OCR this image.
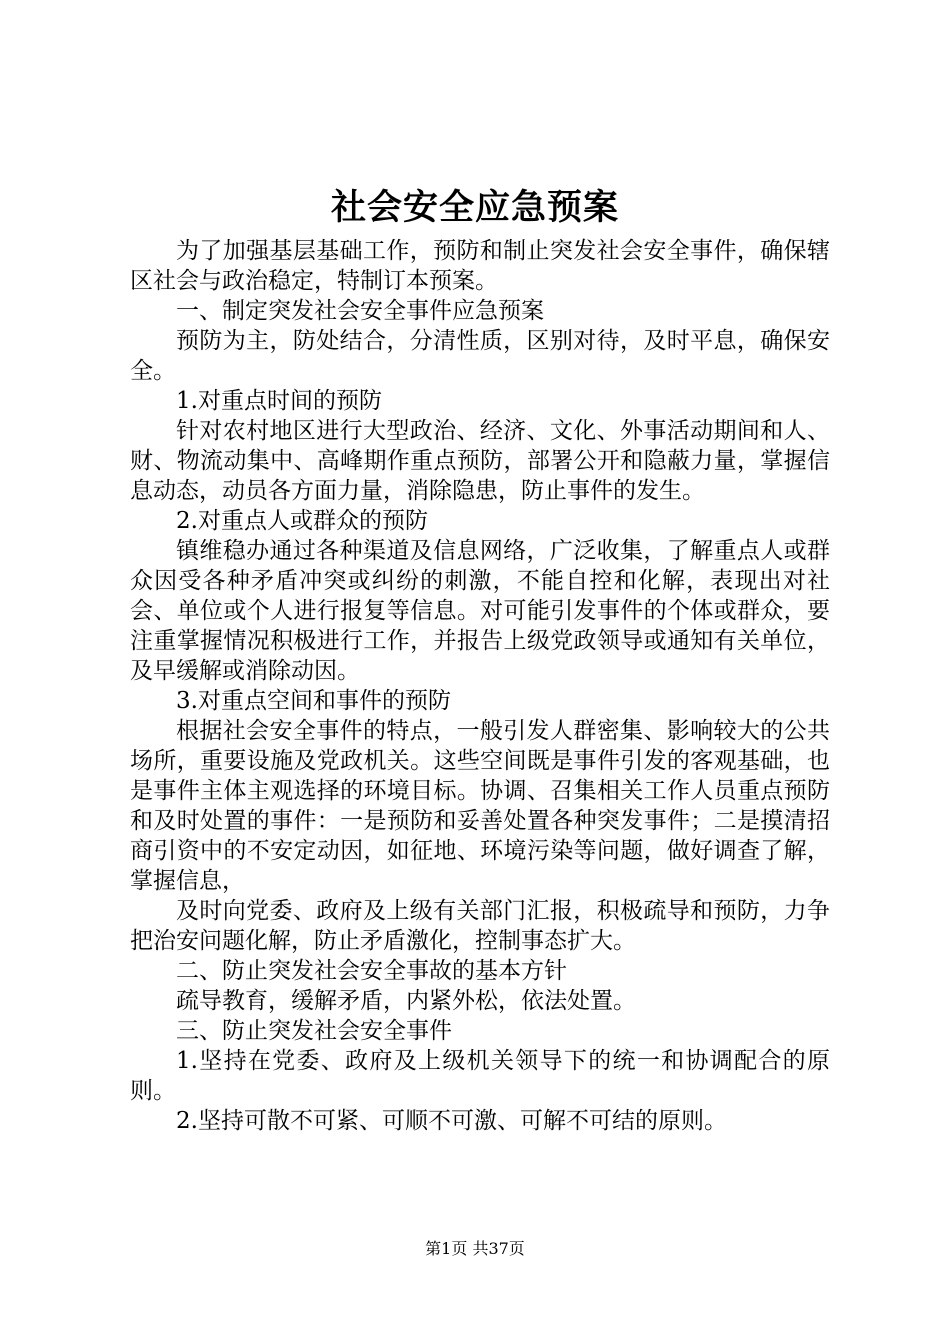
社会安全应急预案

为了加强基层基础工作，预防和制止突发社会安全事件，确保辖区社会与政治稳定，特制订本预案。

一、制定突发社会安全事件应急预案

预防为主，防处结合，分清性质，区别对待，及时平息，确保安全。

1.对重点时间的预防

针对农村地区进行大型政治、经济、文化、外事活动期间和人、财、物流动集中、高峰期作重点预防，部署公开和隐蔽力量，掌握信息动态，动员各方面力量，消除隐患，防止事件的发生。

2.对重点人或群众的预防

镇维稳办通过各种渠道及信息网络，广泛收集，了解重点人或群众因受各种矛盾冲突或纠纷的刺激，不能自控和化解，表现出对社会、单位或个人进行报复等信息。对可能引发事件的个体或群众，要注重掌握情况积极进行工作，并报告上级党政领导或通知有关单位，及早缓解或消除动因。

3.对重点空间和事件的预防

根据社会安全事件的特点，一般引发人群密集、影响较大的公共场所，重要设施及党政机关。这些空间既是事件引发的客观基础，也是事件主体主观选择的环境目标。协调、召集相关工作人员重点预防和及时处置的事件：一是预防和妥善处置各种突发事件；二是摸清招商引资中的不安定动因，如征地、环境污染等问题，做好调查了解，掌握信息，

及时向党委、政府及上级有关部门汇报，积极疏导和预防，力争把治安问题化解，防止矛盾激化，控制事态扩大。

二、防止突发社会安全事故的基本方针

疏导教育，缓解矛盾，内紧外松，依法处置。

三、防止突发社会安全事件

1.坚持在党委、政府及上级机关领导下的统一和协调配合的原则。

2.坚持可散不可紧、可顺不可激、可解不可结的原则。

第1页 共37页
